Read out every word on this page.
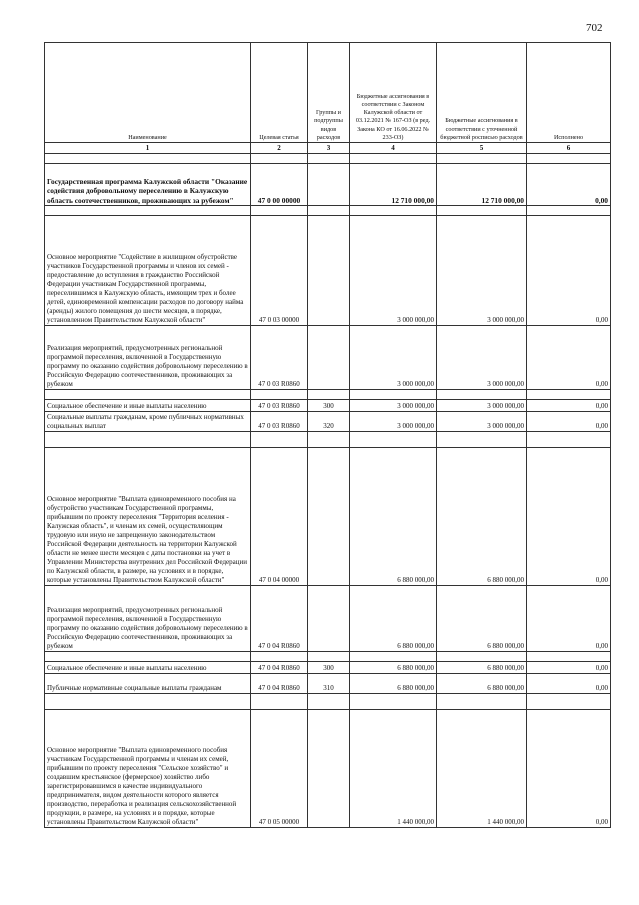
702
Наименование	Целевая статья	Группы и подгруппы видов расходов	Бюджетные ассигнования в соответствии с Законом Калужской области от 03.12.2021 № 167-ОЗ (в ред. Закона КО от 16.06.2022 № 233-ОЗ)	Бюджетные ассигнования в соответствии с уточненной бюджетной росписью расходов	Исполнено
1	2	3	4	5	6

Государственная программа Калужской области "Оказание содействия добровольному переселению в Калужскую область соотечественников, проживающих за рубежом"	47 0 00 00000		12 710 000,00	12 710 000,00	0,00

Основное мероприятие "Содействие в жилищном обустройстве участников Государственной программы и членов их семей - предоставление до вступления в гражданство Российской Федерации участникам Государственной программы, переселившимся в Калужскую область, имеющим трех и более детей, единовременной компенсации расходов по договору найма (аренды) жилого помещения до шести месяцев, в порядке, установленном Правительством Калужской области"	47 0 03 00000		3 000 000,00	3 000 000,00	0,00
Реализация мероприятий, предусмотренных региональной программой переселения, включенной в Государственную программу по оказанию содействия добровольному переселению в Российскую Федерацию соотечественников, проживающих за рубежом	47 0 03 R0860		3 000 000,00	3 000 000,00	0,00

Социальное обеспечение и иные выплаты населению	47 0 03 R0860	300	3 000 000,00	3 000 000,00	0,00
Социальные выплаты гражданам, кроме публичных нормативных социальных выплат	47 0 03 R0860	320	3 000 000,00	3 000 000,00	0,00

Основное мероприятие "Выплата единовременного пособия на обустройство участникам Государственной программы, прибывшим по проекту переселения "Территория вселения - Калужская область", и членам их семей, осуществляющим трудовую или иную не запрещенную законодательством Российской Федерации деятельность на территории Калужской области не менее шести месяцев с даты постановки на учет в Управлении Министерства внутренних дел Российской Федерации по Калужской области, в размере, на условиях и в порядке, которые установлены Правительством Калужской области"	47 0 04 00000		6 880 000,00	6 880 000,00	0,00
Реализация мероприятий, предусмотренных региональной программой переселения, включенной в Государственную программу по оказанию содействия добровольному переселению в Российскую Федерацию соотечественников, проживающих за рубежом	47 0 04 R0860		6 880 000,00	6 880 000,00	0,00

Социальное обеспечение и иные выплаты населению	47 0 04 R0860	300	6 880 000,00	6 880 000,00	0,00
Публичные нормативные социальные выплаты гражданам	47 0 04 R0860	310	6 880 000,00	6 880 000,00	0,00

Основное мероприятие "Выплата единовременного пособия участникам Государственной программы и членам их семей, прибывшим по проекту переселения "Сельское хозяйство" и создавшим крестьянское (фермерское) хозяйство либо зарегистрировавшимся в качестве индивидуального предпринимателя, видом деятельности которого является производство, переработка и реализация сельскохозяйственной продукции, в размере, на условиях и в порядке, которые установлены Правительством Калужской области"	47 0 05 00000		1 440 000,00	1 440 000,00	0,00
